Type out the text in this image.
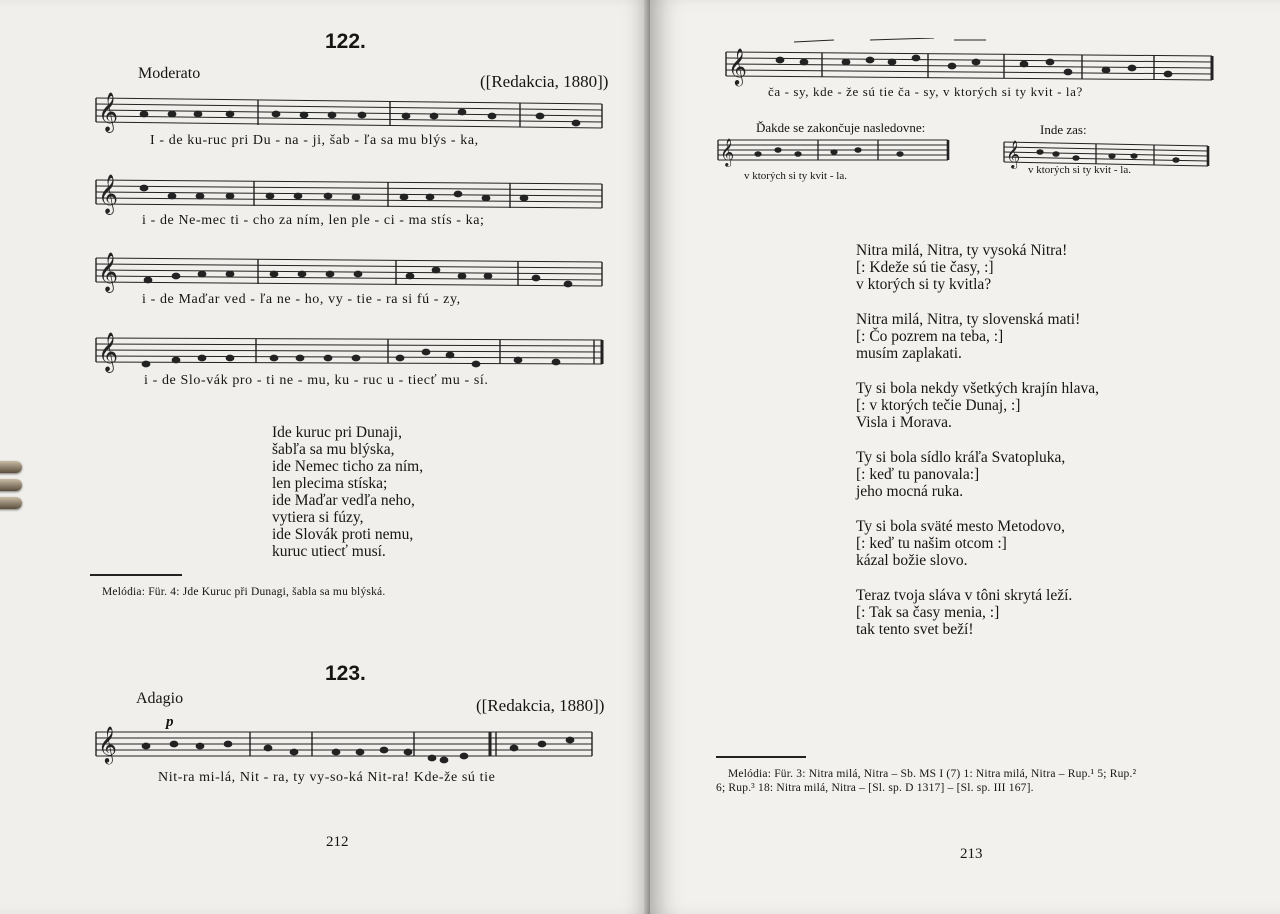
122.
Moderato	([Redakcia, 1880])
𝄞
I - de ku-ruc pri Du - na - ji, šab - ľa sa mu blýs - ka,
𝄞
i - de Ne-mec ti - cho za ním, len ple - ci - ma stís - ka;
𝄞
i - de Maďar ved - ľa ne - ho, vy - tie - ra si fú - zy,
𝄞
i - de Slo-vák pro - ti ne - mu, ku - ruc u - tiecť mu - sí.
Ide kuruc pri Dunaji,
šabľa sa mu blýska,
ide Nemec ticho za ním,
len plecima stíska;
ide Maďar vedľa neho,
vytiera si fúzy,
ide Slovák proti nemu,
kuruc utiecť musí.
Melódia: Für. 4: Jde Kuruc při Dunagi, šabla sa mu blýská.
123.
Adagio
p
([Redakcia, 1880])
𝄞
Nit-ra mi-lá, Nit - ra, ty vy-so-ká Nit-ra! Kde-že sú tie
212
𝄞
ča - sy, kde - že sú tie ča - sy, v ktorých si ty kvit - la?
Ďakde se zakončuje nasledovne:
𝄞
v ktorých si ty kvit - la.
Inde zas:
𝄞
v ktorých si ty kvit - la.
Nitra milá, Nitra, ty vysoká Nitra!
[: Kdeže sú tie časy, :]
v ktorých si ty kvitla?
Nitra milá, Nitra, ty slovenská mati!
[: Čo pozrem na teba, :]
musím zaplakati.
Ty si bola nekdy všetkých krajín hlava,
[: v ktorých tečie Dunaj, :]
Visla i Morava.
Ty si bola sídlo kráľa Svatopluka,
[: keď tu panovala:]
jeho mocná ruka.
Ty si bola sväté mesto Metodovo,
[: keď tu našim otcom :]
kázal božie slovo.
Teraz tvoja sláva v tôni skrytá leží.
[: Tak sa časy menia, :]
tak tento svet beží!
Melódia: Für. 3: Nitra milá, Nitra – Sb. MS I (7) 1: Nitra milá, Nitra – Rup.¹ 5; Rup.²
6; Rup.³ 18: Nitra milá, Nitra – [Sl. sp. D 1317] – [Sl. sp. III 167].
213
